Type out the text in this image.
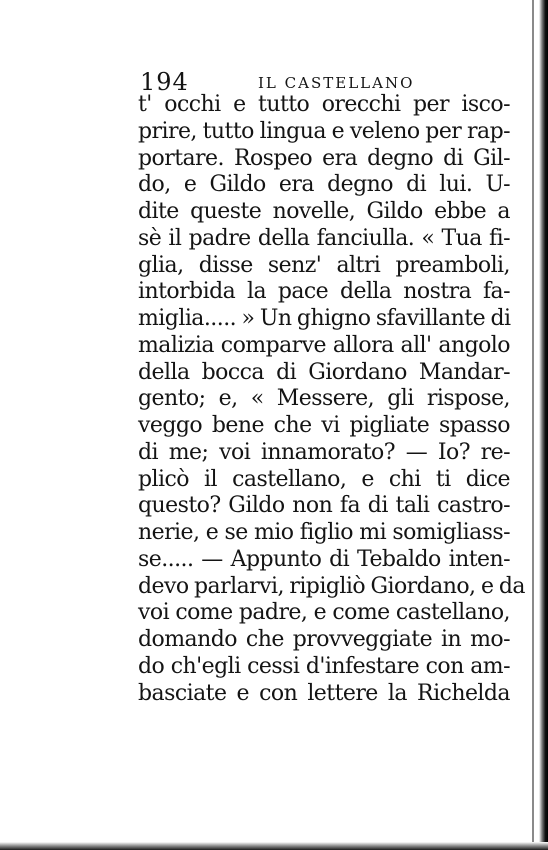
194	IL CASTELLANO
t' occhi e tutto orecchi per isco-
prire, tutto lingua e veleno per rap-
portare. Rospeo era degno di Gil-
do, e Gildo era degno di lui. U-
dite queste novelle, Gildo ebbe a
sè il padre della fanciulla. « Tua fi-
glia, disse senz' altri preamboli,
intorbida la pace della nostra fa-
miglia..... » Un ghigno sfavillante di
malizia comparve allora all' angolo
della bocca di Giordano Mandar-
gento; e, « Messere, gli rispose,
veggo bene che vi pigliate spasso
di me; voi innamorato? — Io? re-
plicò il castellano, e chi ti dice
questo? Gildo non fa di tali castro-
nerie, e se mio figlio mi somigliass-
se..... — Appunto di Tebaldo inten-
devo parlarvi, ripigliò Giordano, e da
voi come padre, e come castellano,
domando che provveggiate in mo-
do ch'egli cessi d'infestare con am-
basciate e con lettere la Richelda
